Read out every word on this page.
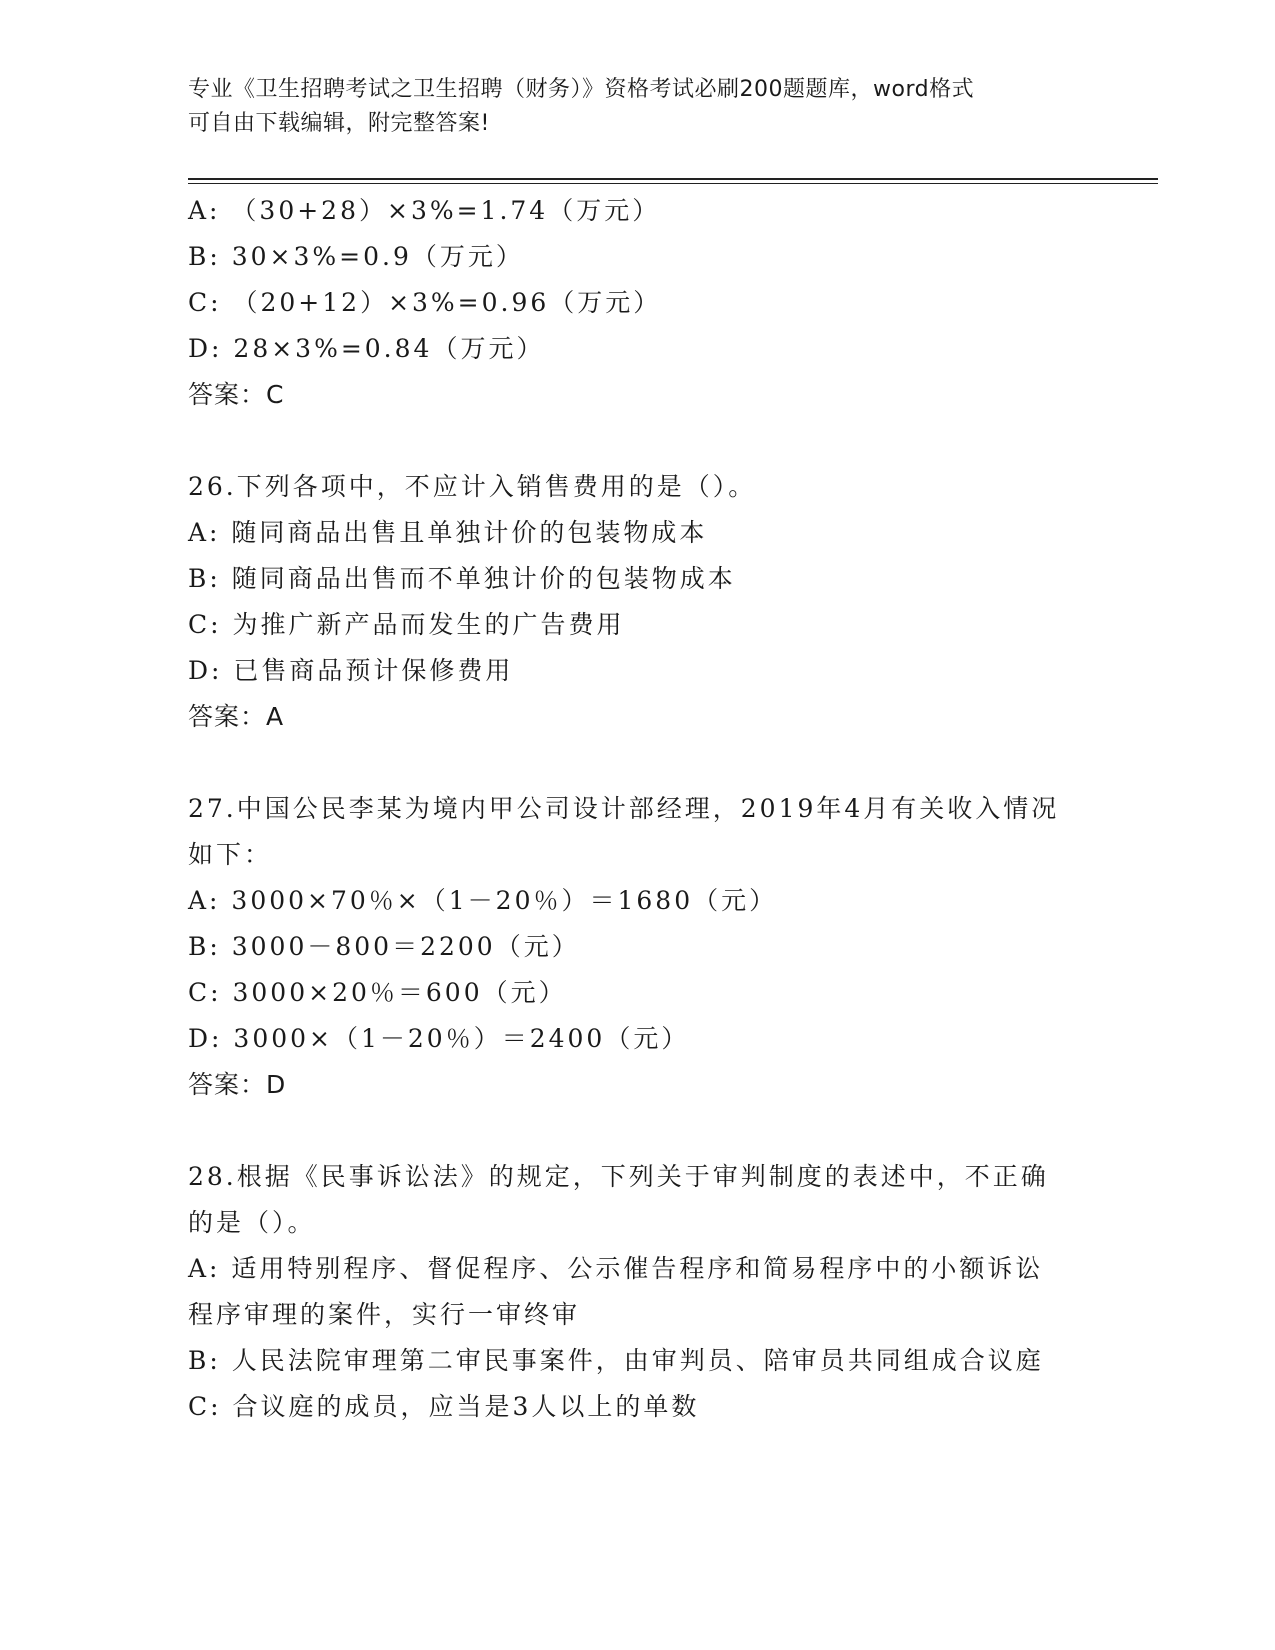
专业《卫生招聘考试之卫生招聘（财务）》资格考试必刷200题题库，word格式
可自由下载编辑，附完整答案!
A: （30+28）×3%=1.74（万元）
B: 30×3%=0.9（万元）
C: （20+12）×3%=0.96（万元）
D: 28×3%=0.84（万元）
答案：C
26.下列各项中，不应计入销售费用的是（）。
A: 随同商品出售且单独计价的包装物成本
B: 随同商品出售而不单独计价的包装物成本
C: 为推广新产品而发生的广告费用
D: 已售商品预计保修费用
答案：A
27.中国公民李某为境内甲公司设计部经理，2019年4月有关收入情况
如下：
A: 3000×70％×（1－20％）＝1680（元）
B: 3000－800＝2200（元）
C: 3000×20％＝600（元）
D: 3000×（1－20％）＝2400（元）
答案：D
28.根据《民事诉讼法》的规定，下列关于审判制度的表述中，不正确
的是（）。
A: 适用特别程序、督促程序、公示催告程序和简易程序中的小额诉讼
程序审理的案件，实行一审终审
B: 人民法院审理第二审民事案件，由审判员、陪审员共同组成合议庭
C: 合议庭的成员，应当是3人以上的单数
